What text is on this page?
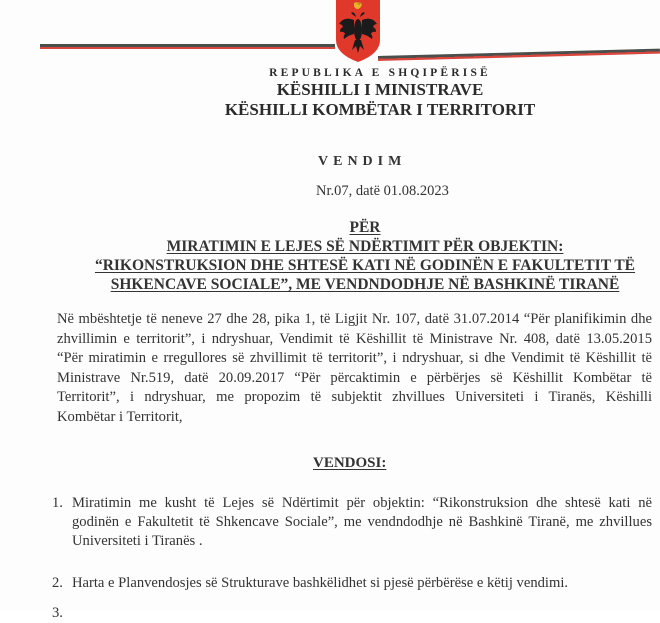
REPUBLIKA E SHQIPËRISË
KËSHILLI I MINISTRAVE
KËSHILLI KOMBËTAR I TERRITORIT
VENDIM
Nr.07, datë 01.08.2023
PËR
MIRATIMIN E LEJES SË NDËRTIMIT PËR OBJEKTIN:
“RIKONSTRUKSION DHE SHTESË KATI NË GODINËN E FAKULTETIT TË
SHKENCAVE SOCIALE”, ME VENDNDODHJE NË BASHKINË TIRANË
Në mbështetje të neneve 27 dhe 28, pika 1, të Ligjit Nr. 107, datë 31.07.2014 “Për planifikimin dhe
zhvillimin e territorit”, i ndryshuar, Vendimit të Këshillit të Ministrave Nr. 408, datë 13.05.2015
“Për miratimin e rregullores së zhvillimit të territorit”, i ndryshuar, si dhe Vendimit të Këshillit të
Ministrave Nr.519, datë 20.09.2017 “Për përcaktimin e përbërjes së Këshillit Kombëtar të
Territorit”, i ndryshuar, me propozim të subjektit zhvillues Universiteti i Tiranës, Këshilli
Kombëtar i Territorit,
VENDOSI:
1. Miratimin me kusht të Lejes së Ndërtimit për objektin: “Rikonstruksion dhe shtesë kati në
godinën e Fakultetit të Shkencave Sociale”, me vendndodhje në Bashkinë Tiranë, me zhvillues
Universiteti i Tiranës .
2. Harta e Planvendosjes së Strukturave bashkëlidhet si pjesë përbërëse e këtij vendimi.
3.
